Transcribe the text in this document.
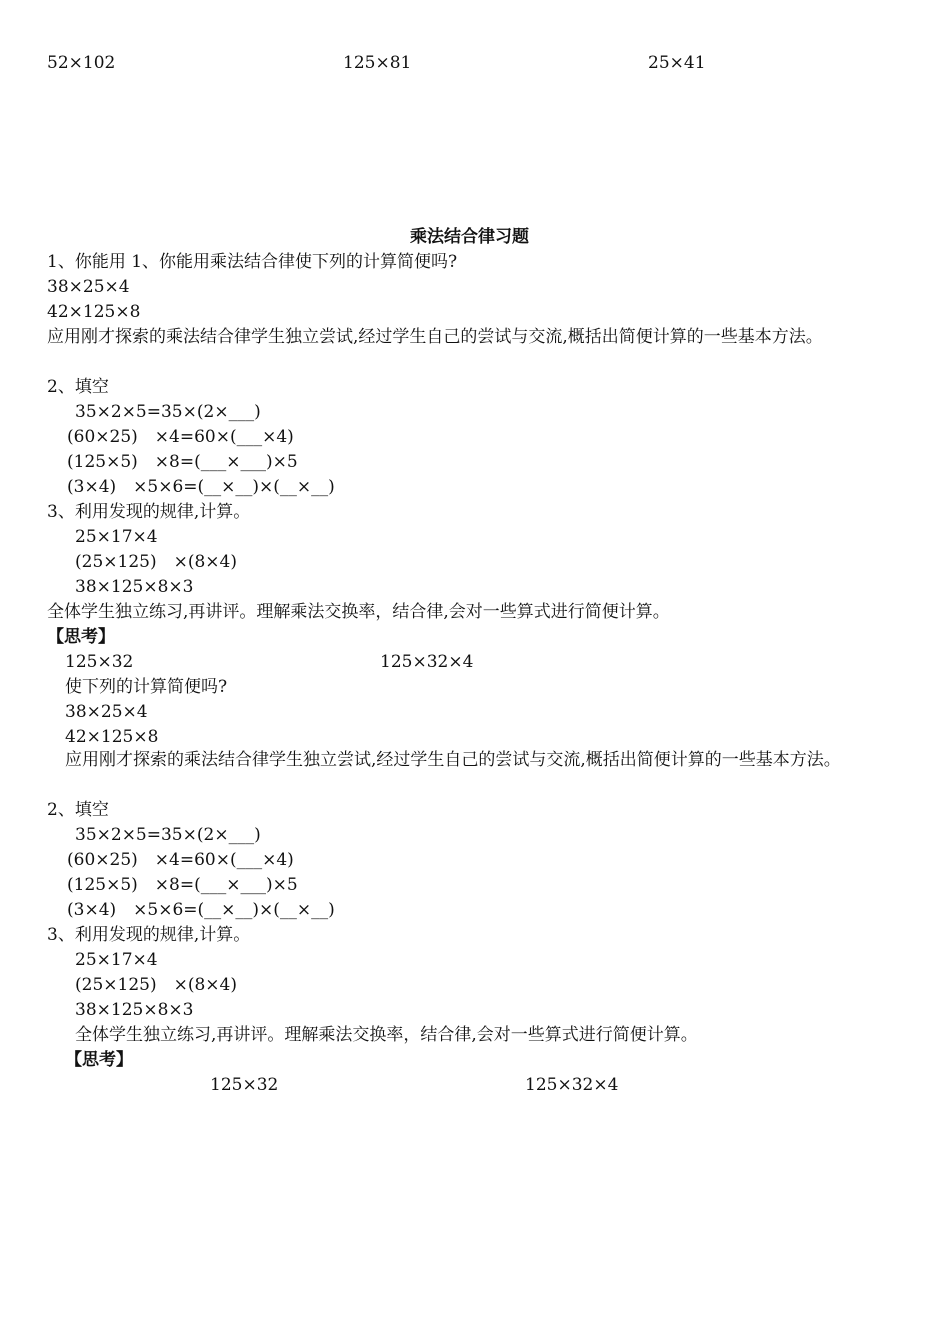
52×102	125×81	25×41
乘法结合律习题
1、你能用 1、你能用乘法结合律使下列的计算简便吗?
38×25×4
42×125×8
应用刚才探索的乘法结合律学生独立尝试,经过学生自己的尝试与交流,概括出简便计算的一些基本方法。
2、填空
35×2×5=35×(2×___)
(60×25)　×4=60×(___×4)
(125×5)　×8=(___×___)×5
(3×4)　×5×6=(__×__)×(__×__)
3、利用发现的规律,计算。
25×17×4
(25×125)　×(8×4)
38×125×8×3
全体学生独立练习,再讲评。理解乘法交换率，结合律,会对一些算式进行简便计算。
【思考】
125×32	125×32×4
使下列的计算简便吗?
38×25×4
42×125×8
应用刚才探索的乘法结合律学生独立尝试,经过学生自己的尝试与交流,概括出简便计算的一些基本方法。
2、填空
35×2×5=35×(2×___)
(60×25)　×4=60×(___×4)
(125×5)　×8=(___×___)×5
(3×4)　×5×6=(__×__)×(__×__)
3、利用发现的规律,计算。
25×17×4
(25×125)　×(8×4)
38×125×8×3
全体学生独立练习,再讲评。理解乘法交换率，结合律,会对一些算式进行简便计算。
【思考】
125×32	125×32×4
